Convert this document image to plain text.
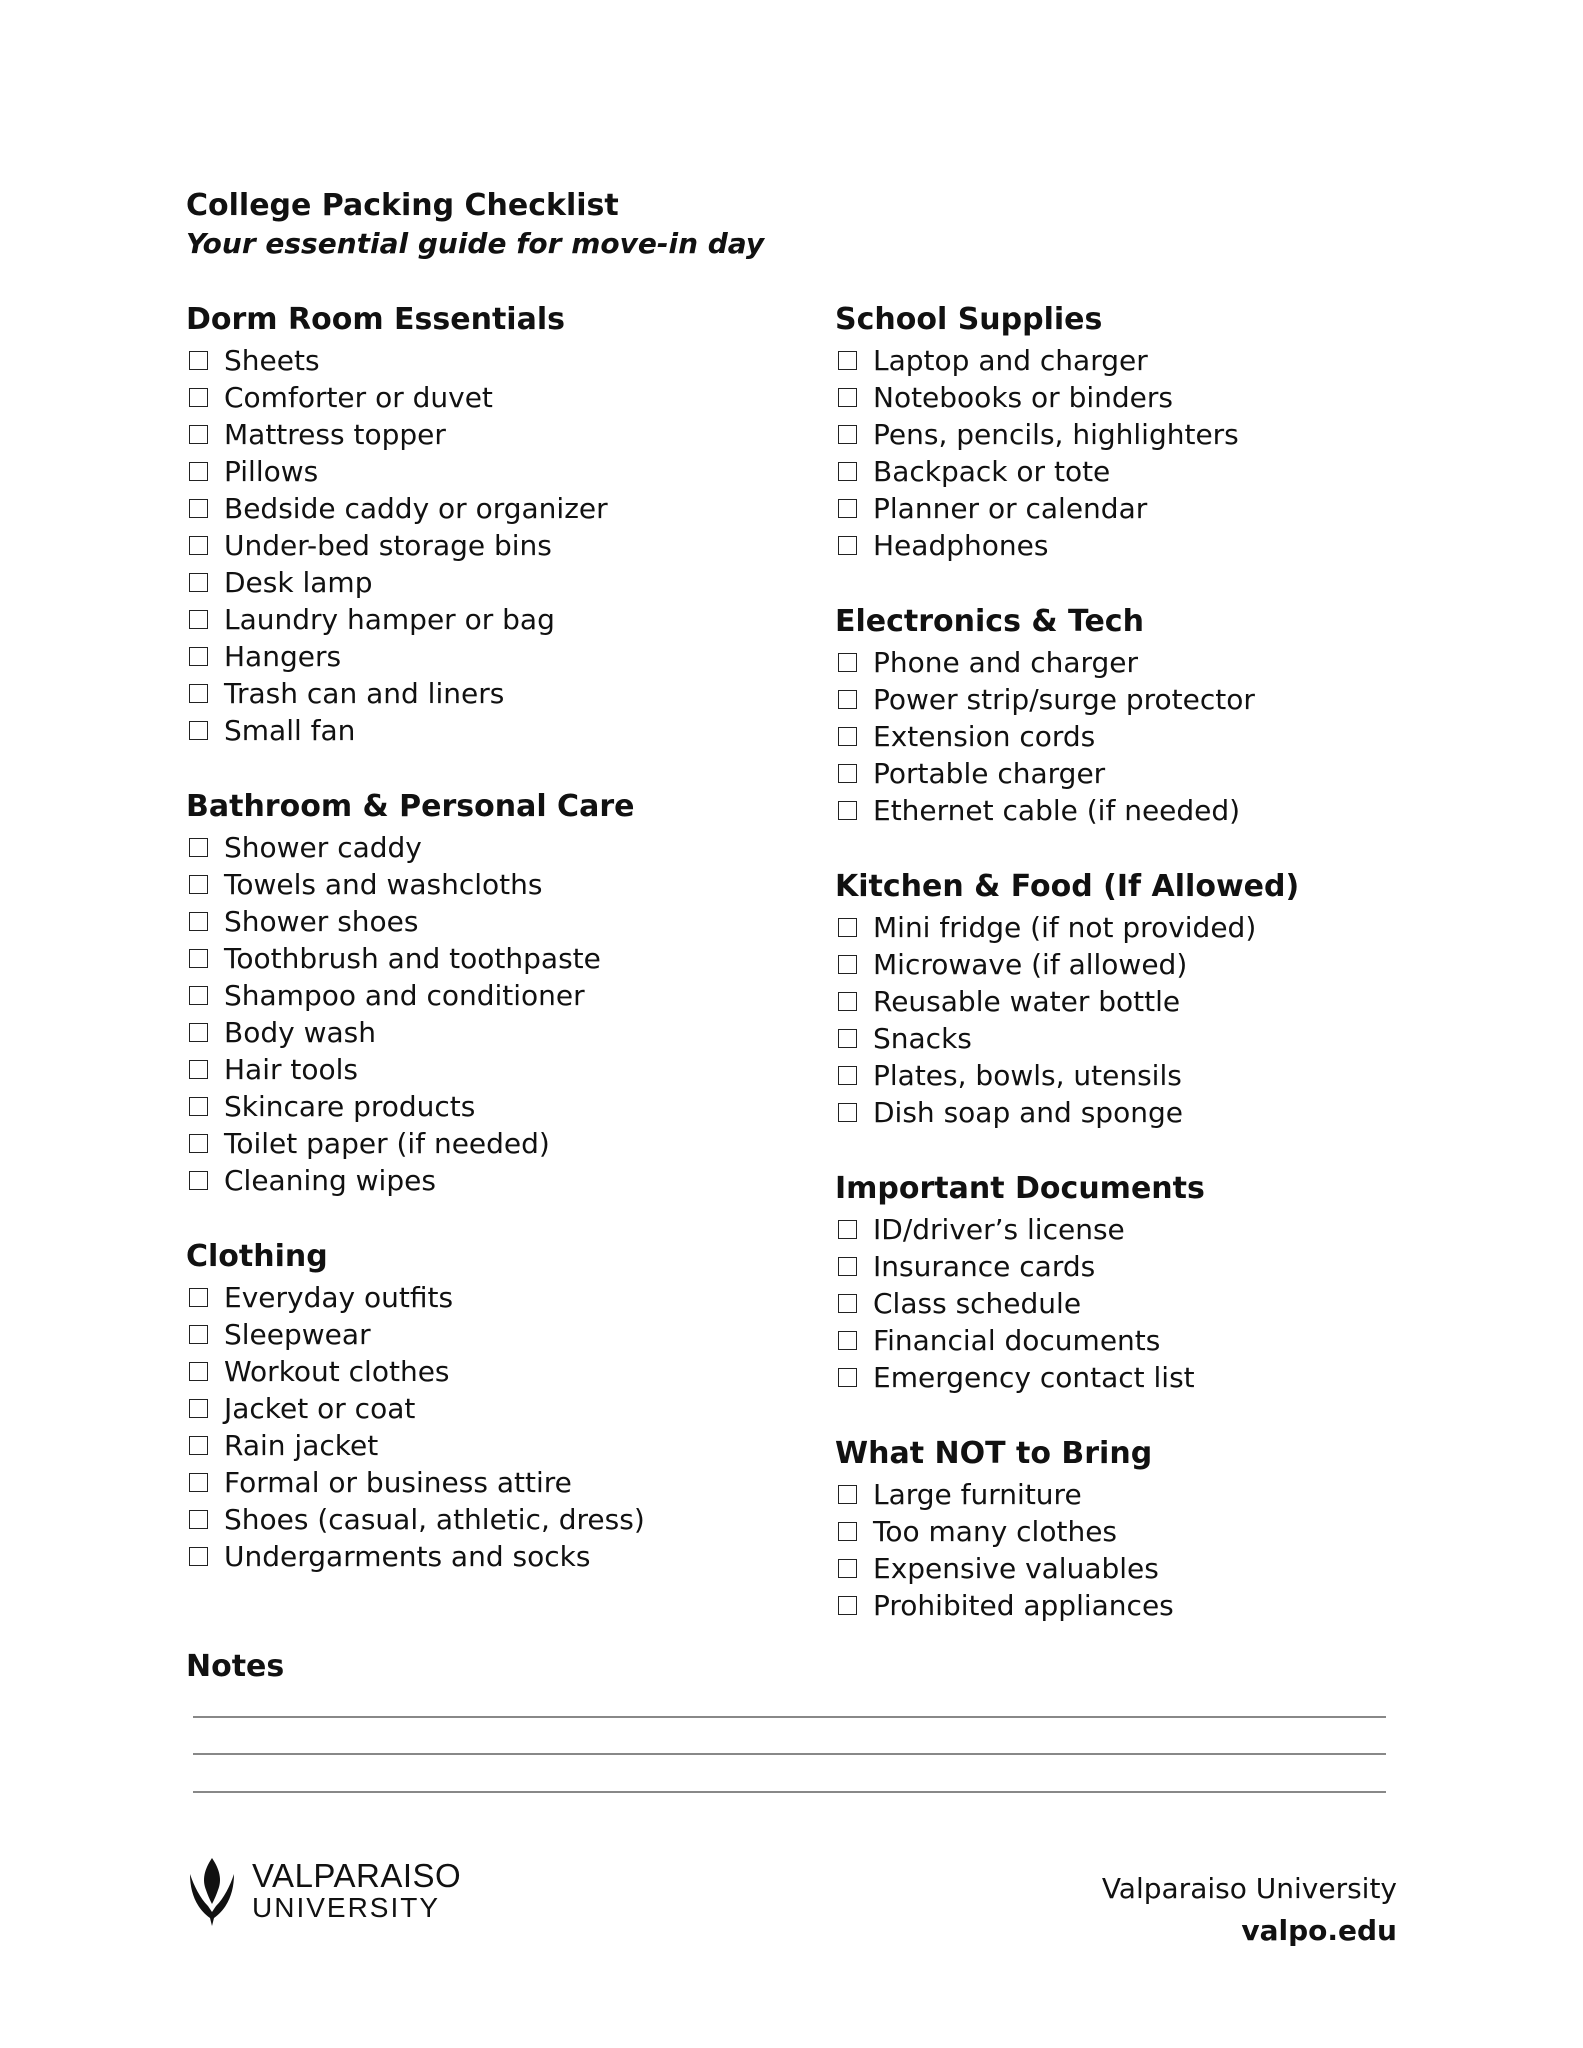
College Packing Checklist
Your essential guide for move-in day
Dorm Room Essentials
Sheets
Comforter or duvet
Mattress topper
Pillows
Bedside caddy or organizer
Under-bed storage bins
Desk lamp
Laundry hamper or bag
Hangers
Trash can and liners
Small fan
Bathroom & Personal Care
Shower caddy
Towels and washcloths
Shower shoes
Toothbrush and toothpaste
Shampoo and conditioner
Body wash
Hair tools
Skincare products
Toilet paper (if needed)
Cleaning wipes
Clothing
Everyday outfits
Sleepwear
Workout clothes
Jacket or coat
Rain jacket
Formal or business attire
Shoes (casual, athletic, dress)
Undergarments and socks
School Supplies
Laptop and charger
Notebooks or binders
Pens, pencils, highlighters
Backpack or tote
Planner or calendar
Headphones
Electronics & Tech
Phone and charger
Power strip/surge protector
Extension cords
Portable charger
Ethernet cable (if needed)
Kitchen & Food (If Allowed)
Mini fridge (if not provided)
Microwave (if allowed)
Reusable water bottle
Snacks
Plates, bowls, utensils
Dish soap and sponge
Important Documents
ID/driver’s license
Insurance cards
Class schedule
Financial documents
Emergency contact list
What NOT to Bring
Large furniture
Too many clothes
Expensive valuables
Prohibited appliances
Notes
VALPARAISO
UNIVERSITY
Valparaiso University
valpo.edu
